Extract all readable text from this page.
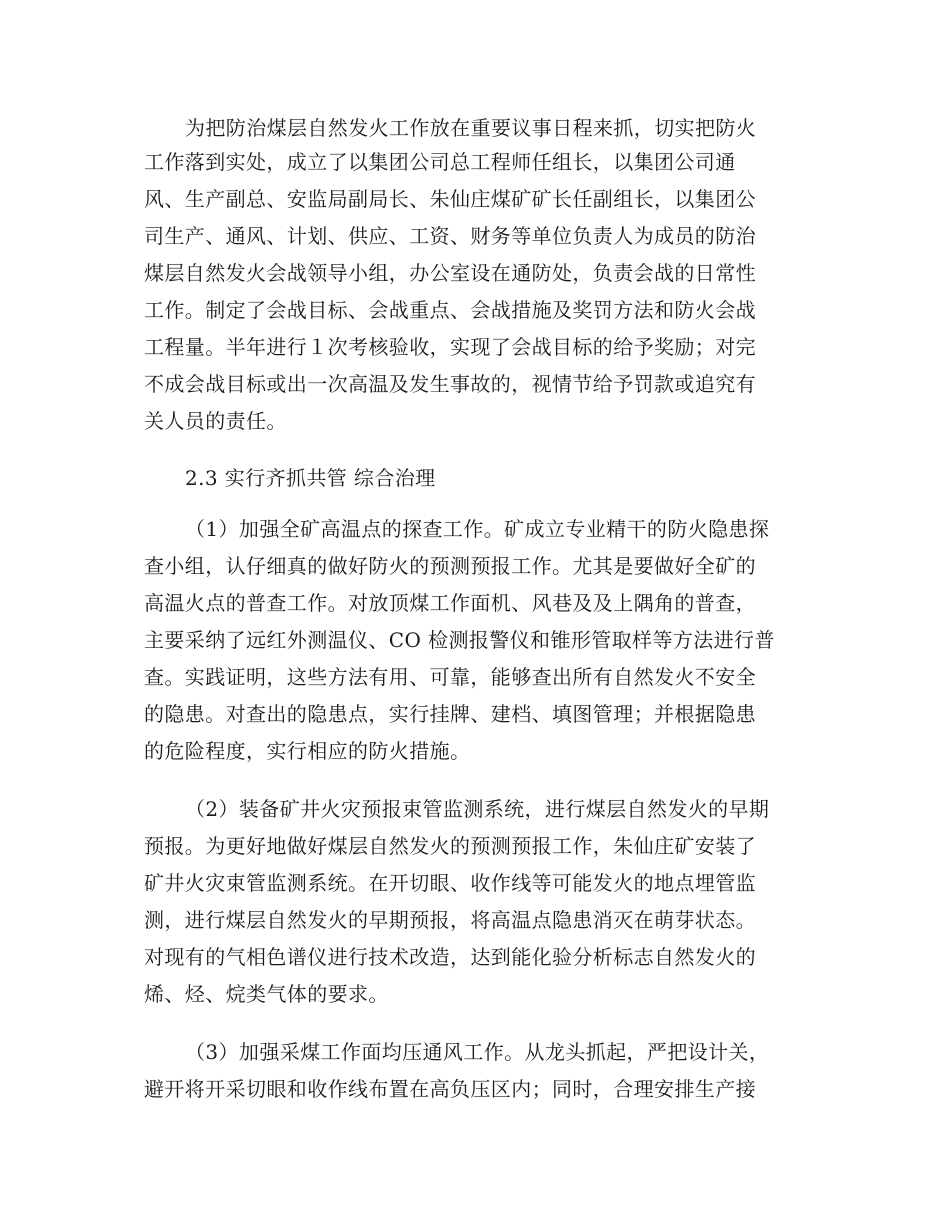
为把防治煤层自然发火工作放在重要议事日程来抓，切实把防火
工作落到实处，成立了以集团公司总工程师任组长，以集团公司通
风、生产副总、安监局副局长、朱仙庄煤矿矿长任副组长，以集团公
司生产、通风、计划、供应、工资、财务等单位负责人为成员的防治
煤层自然发火会战领导小组，办公室设在通防处，负责会战的日常性
工作。制定了会战目标、会战重点、会战措施及奖罚方法和防火会战
工程量。半年进行１次考核验收，实现了会战目标的给予奖励；对完
不成会战目标或出一次高温及发生事故的，视情节给予罚款或追究有
关人员的责任。
2.3 实行齐抓共管 综合治理
（1）加强全矿高温点的探查工作。矿成立专业精干的防火隐患探
查小组，认仔细真的做好防火的预测预报工作。尤其是要做好全矿的
高温火点的普查工作。对放顶煤工作面机、风巷及及上隅角的普查，
主要采纳了远红外测温仪、CO 检测报警仪和锥形管取样等方法进行普
查。实践证明，这些方法有用、可靠，能够查出所有自然发火不安全
的隐患。对查出的隐患点，实行挂牌、建档、填图管理；并根据隐患
的危险程度，实行相应的防火措施。
（2）装备矿井火灾预报束管监测系统，进行煤层自然发火的早期
预报。为更好地做好煤层自然发火的预测预报工作，朱仙庄矿安装了
矿井火灾束管监测系统。在开切眼、收作线等可能发火的地点埋管监
测，进行煤层自然发火的早期预报，将高温点隐患消灭在萌芽状态。
对现有的气相色谱仪进行技术改造，达到能化验分析标志自然发火的
烯、烃、烷类气体的要求。
（3）加强采煤工作面均压通风工作。从龙头抓起，严把设计关，
避开将开采切眼和收作线布置在高负压区内；同时，合理安排生产接
